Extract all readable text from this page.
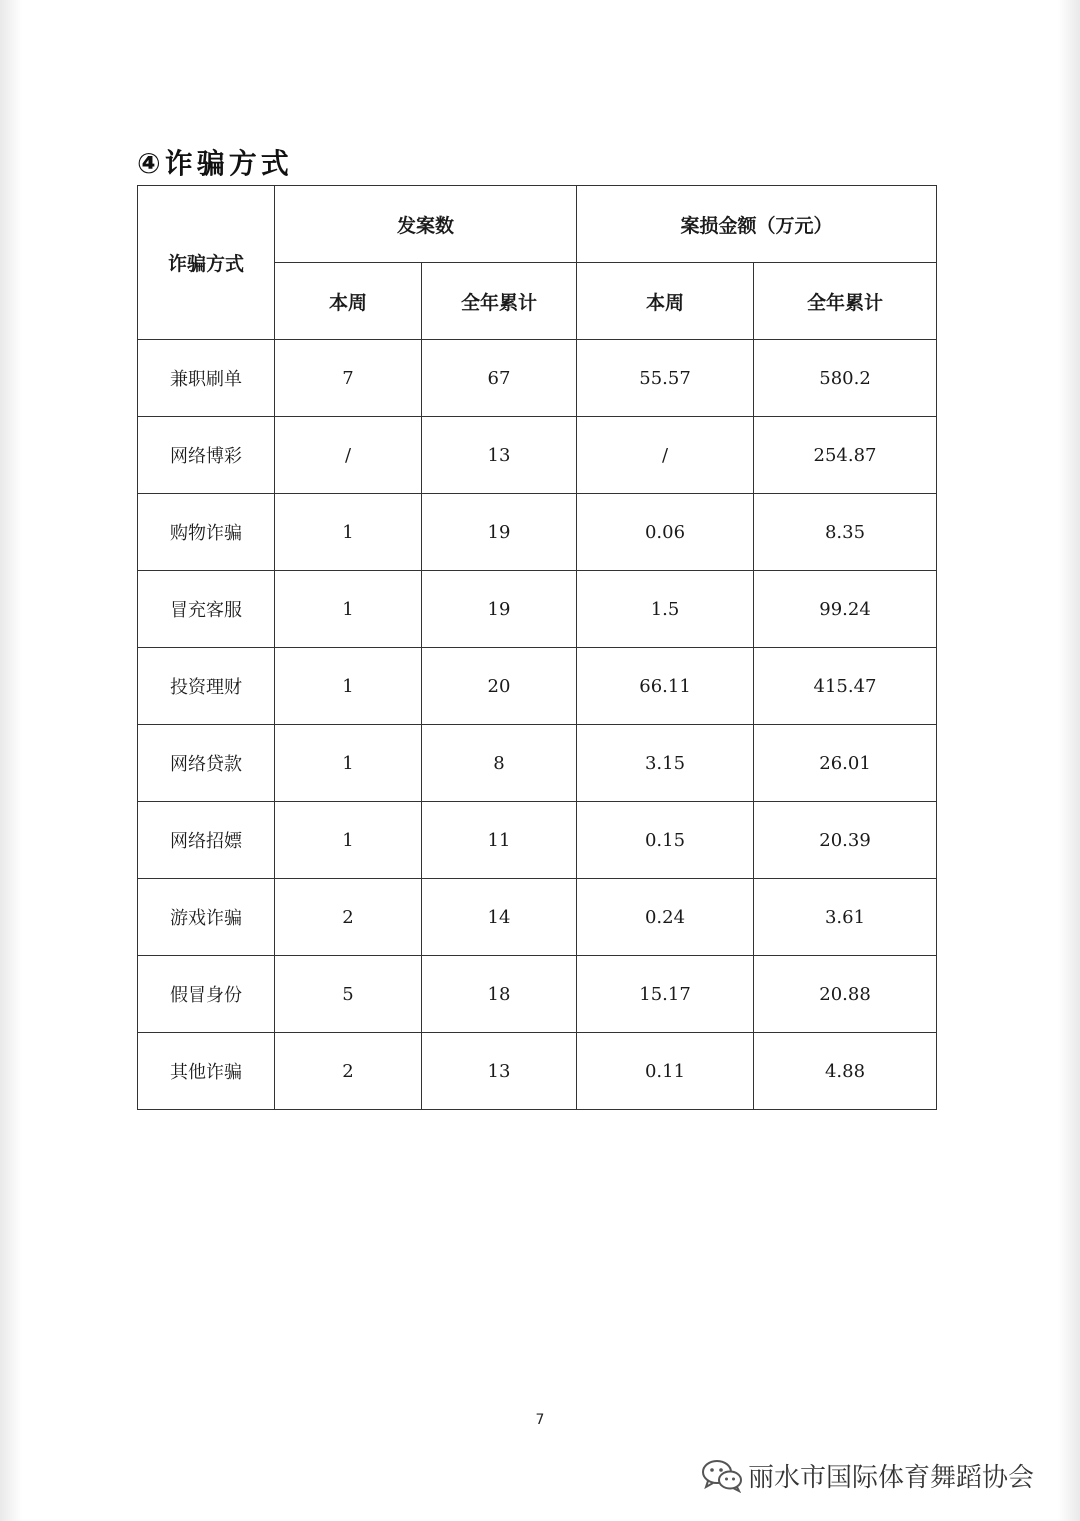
④诈骗方式
诈骗方式	发案数		案损金额（万元）	
	本周	全年累计	本周	全年累计
兼职刷单	7	67	55.57	580.2
网络博彩	/	13	/	254.87
购物诈骗	1	19	0.06	8.35
冒充客服	1	19	1.5	99.24
投资理财	1	20	66.11	415.47
网络贷款	1	8	3.15	26.01
网络招嫖	1	11	0.15	20.39
游戏诈骗	2	14	0.24	3.61
假冒身份	5	18	15.17	20.88
其他诈骗	2	13	0.11	4.88
7
丽水市国际体育舞蹈协会
